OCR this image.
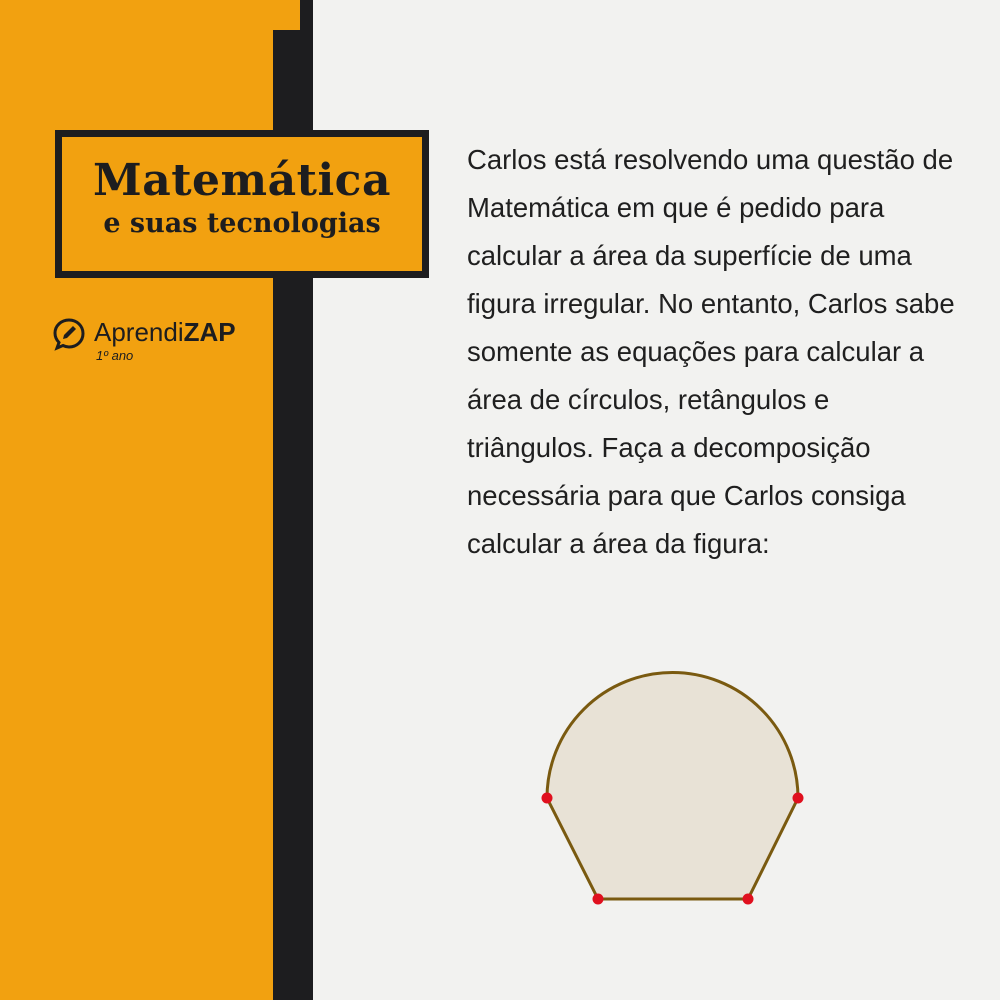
Matemática
e suas tecnologias
AprendiZAP
1º ano
Carlos está resolvendo uma questão de Matemática em que é pedido para calcular a área da superfície de uma figura irregular. No entanto, Carlos sabe somente as equações para calcular a área de círculos, retângulos e triângulos. Faça a decomposição necessária para que Carlos consiga calcular a área da figura:
